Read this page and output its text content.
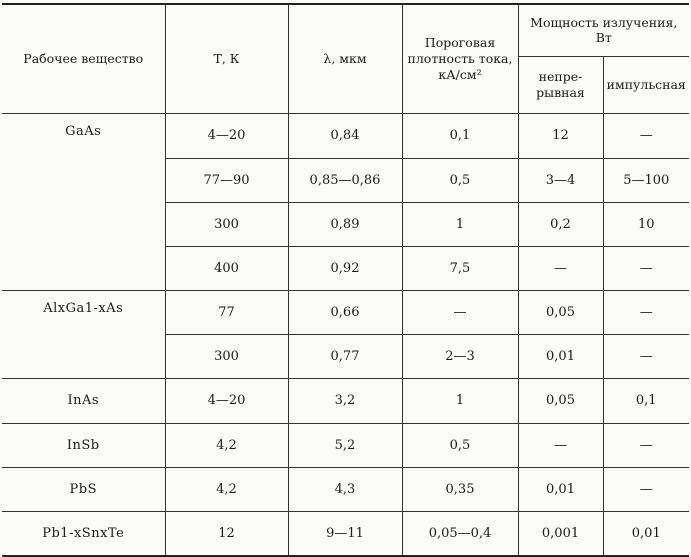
Рабочее вещество	Т, К	λ, мкм	Пороговая плотность тока, кА/см²	Мощность излучения, Вт	
				непре-рывная	импульсная
GaAs	4—20	0,84	0,1	12	—
	77—90	0,85—0,86	0,5	3—4	5—100
	300	0,89	1	0,2	10
	400	0,92	7,5	—	—
AlxGa1-xAs	77	0,66	—	0,05	—
	300	0,77	2—3	0,01	—
InAs	4—20	3,2	1	0,05	0,1
InSb	4,2	5,2	0,5	—	—
PbS	4,2	4,3	0,35	0,01	—
Pb1-xSnxTe	12	9—11	0,05—0,4	0,001	0,01
